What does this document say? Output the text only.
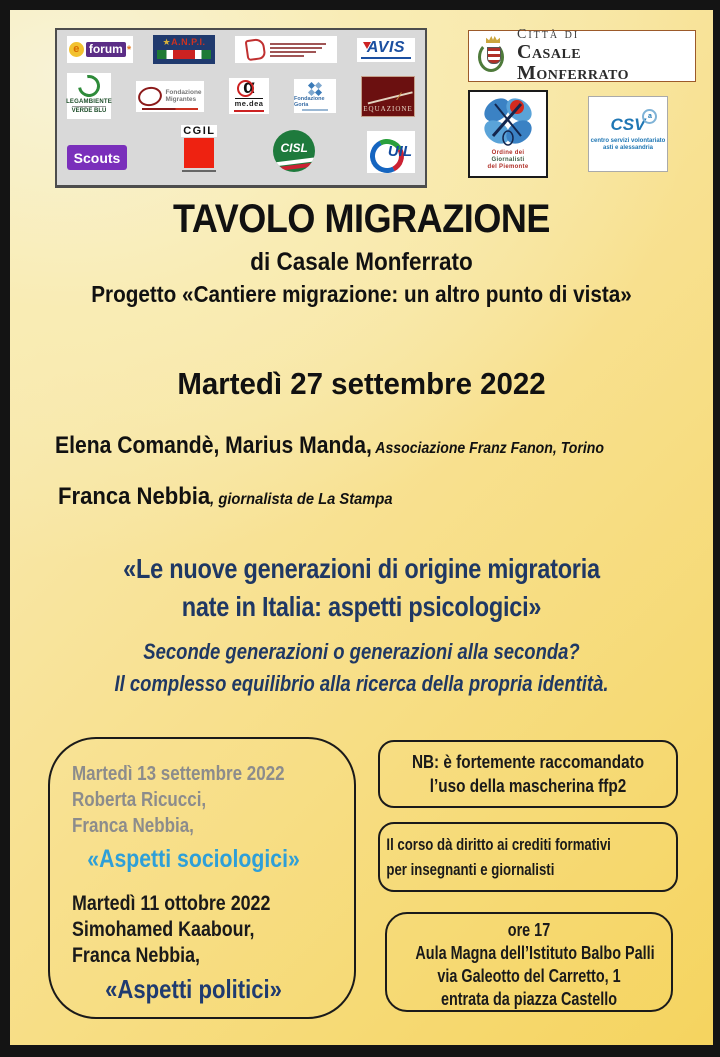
e forum *
★A.N.P.I.	AVIS
LEGAMBIENTE
VERDE BLU
Fondazione
Migrantes
α
me.dea	Fondazione Goria
⁄
EQUAZIONE
Scouts
CGIL
CISL	UIL
Città di
Casale Monferrato
Ordine dei
Giornalisti
del Piemonte
CSV a
centro servizi volontariato
asti e alessandria
TAVOLO MIGRAZIONE
di Casale Monferrato
Progetto «Cantiere migrazione: un altro punto di vista»
Martedì 27 settembre 2022
Elena Comandè, Marius Manda, Associazione Franz Fanon, Torino
Franca Nebbia, giornalista de La Stampa
«Le nuove generazioni di origine migratoria
nate in Italia: aspetti psicologici»
Seconde generazioni o generazioni alla seconda?
Il complesso equilibrio alla ricerca della propria identità.
Martedì 13 settembre 2022
Roberta Ricucci,
Franca Nebbia,
«Aspetti sociologici»
Martedì 11 ottobre 2022
Simohamed Kaabour,
Franca Nebbia,
«Aspetti politici»
NB: è fortemente raccomandato
l’uso della mascherina ffp2
Il corso dà diritto ai crediti formativi
per insegnanti e giornalisti
ore 17
Aula Magna dell’Istituto Balbo Palli
via Galeotto del Carretto, 1
entrata da piazza Castello
